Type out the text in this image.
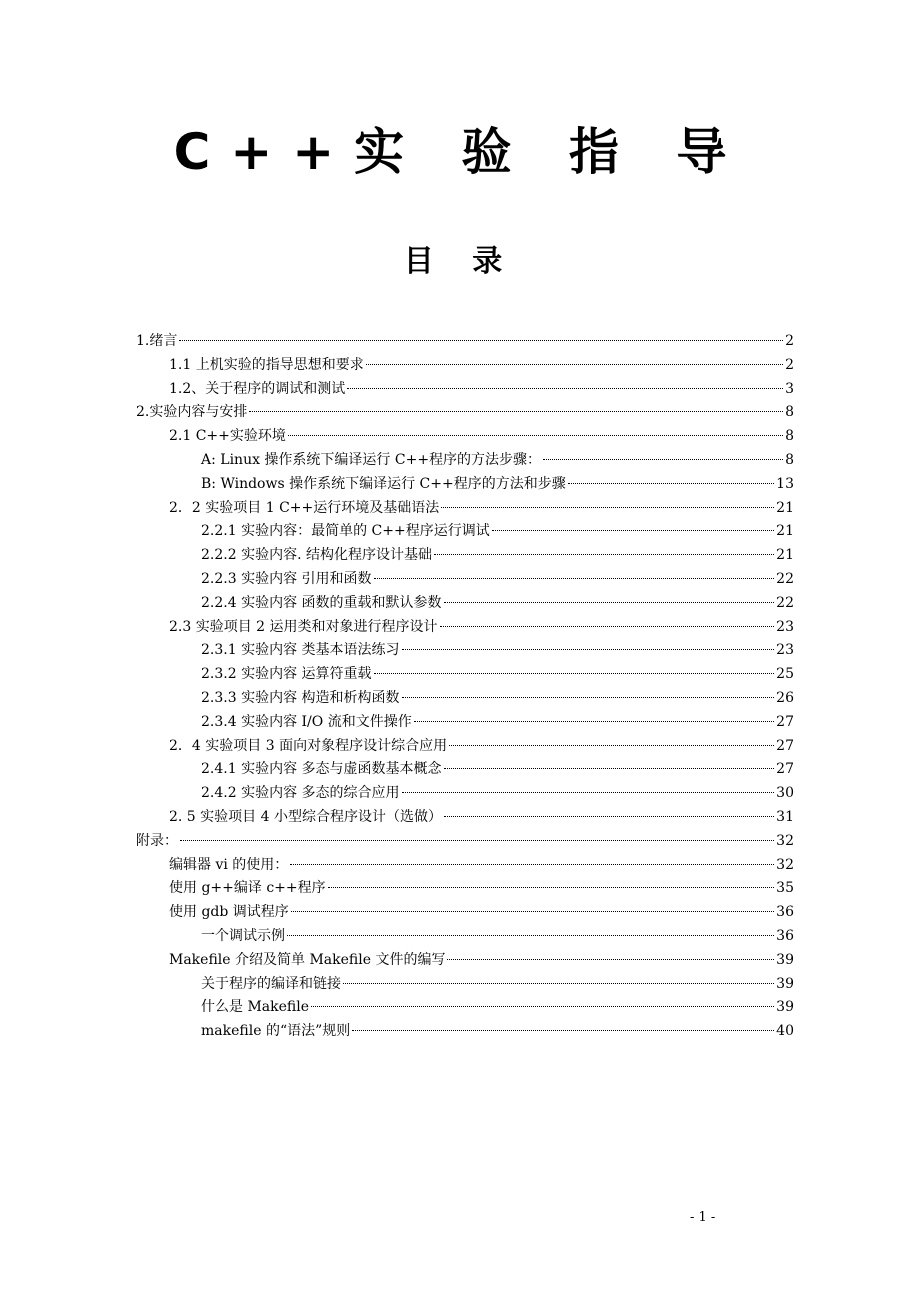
C++实 验 指 导
目 录
1.绪言	2
1.1 上机实验的指导思想和要求	2
1.2、关于程序的调试和测试	3
2.实验内容与安排	8
2.1 C++实验环境	8
A: Linux 操作系统下编译运行 C++程序的方法步骤：	8
B: Windows 操作系统下编译运行 C++程序的方法和步骤	13
2．2 实验项目 1 C++运行环境及基础语法	21
2.2.1 实验内容：最简单的 C++程序运行调试	21
2.2.2 实验内容. 结构化程序设计基础	21
2.2.3 实验内容 引用和函数	22
2.2.4 实验内容 函数的重载和默认参数	22
2.3 实验项目 2 运用类和对象进行程序设计	23
2.3.1 实验内容 类基本语法练习	23
2.3.2 实验内容 运算符重载	25
2.3.3 实验内容 构造和析构函数	26
2.3.4 实验内容 I/O 流和文件操作	27
2．4 实验项目 3 面向对象程序设计综合应用	27
2.4.1 实验内容 多态与虚函数基本概念	27
2.4.2 实验内容 多态的综合应用	30
2. 5 实验项目 4 小型综合程序设计（选做）	31
附录：	32
编辑器 vi 的使用：	32
使用 g++编译 c++程序	35
使用 gdb 调试程序	36
一个调试示例	36
Makefile 介绍及简单 Makefile 文件的编写	39
关于程序的编译和链接	39
什么是 Makefile	39
makefile 的“语法”规则	40
- 1 -
